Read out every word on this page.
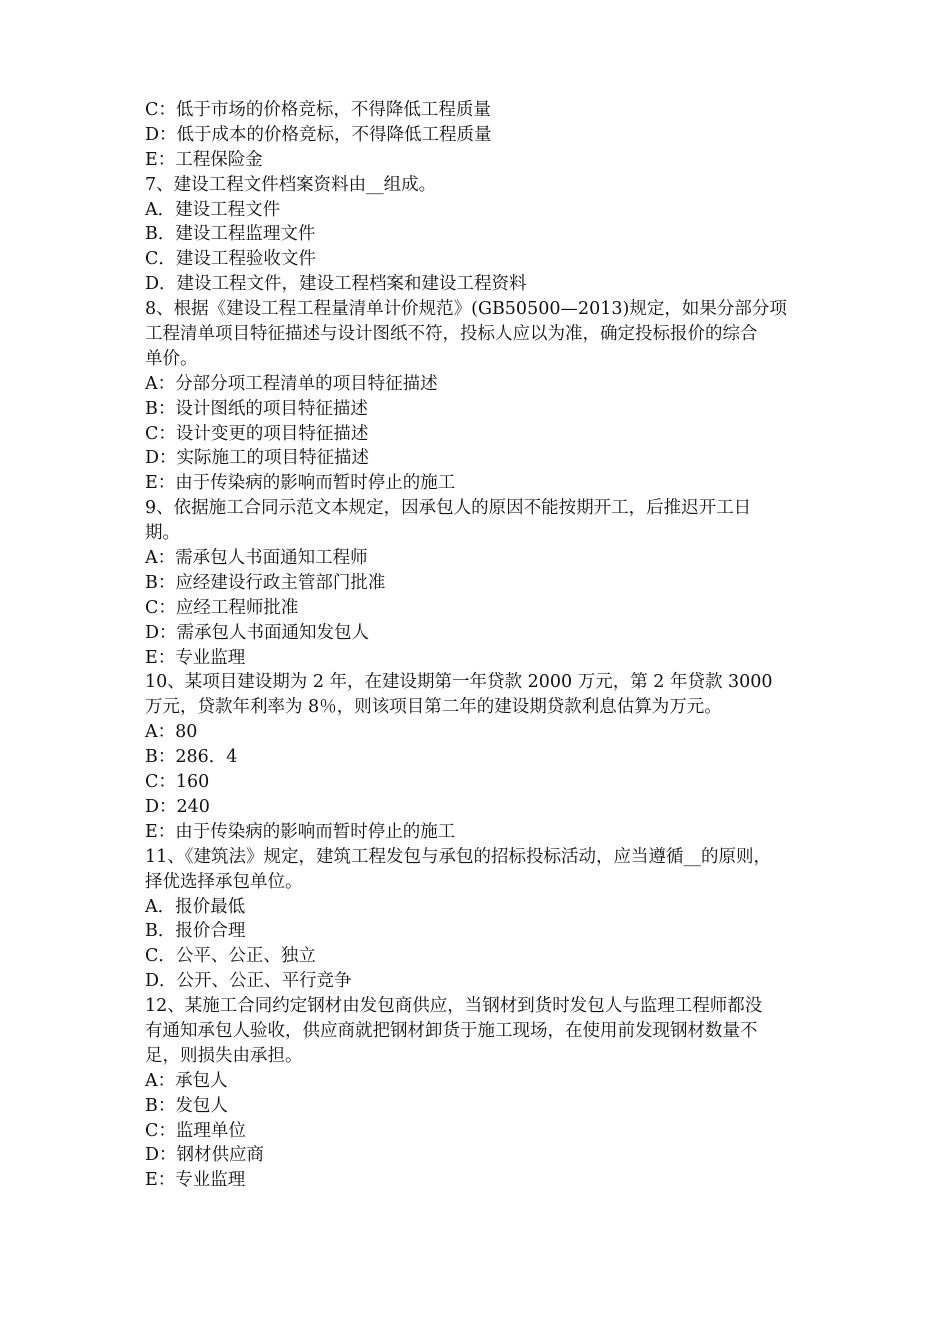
C：低于市场的价格竞标，不得降低工程质量
D：低于成本的价格竞标，不得降低工程质量
E：工程保险金
7、建设工程文件档案资料由__组成。
A．建设工程文件
B．建设工程监理文件
C．建设工程验收文件
D．建设工程文件，建设工程档案和建设工程资料
8、根据《建设工程工程量清单计价规范》(GB50500—2013)规定，如果分部分项
工程清单项目特征描述与设计图纸不符，投标人应以为准，确定投标报价的综合
单价。
A：分部分项工程清单的项目特征描述
B：设计图纸的项目特征描述
C：设计变更的项目特征描述
D：实际施工的项目特征描述
E：由于传染病的影响而暂时停止的施工
9、依据施工合同示范文本规定，因承包人的原因不能按期开工，后推迟开工日
期。
A：需承包人书面通知工程师
B：应经建设行政主管部门批准
C：应经工程师批准
D：需承包人书面通知发包人
E：专业监理
10、某项目建设期为 2 年，在建设期第一年贷款 2000 万元，第 2 年贷款 3000
万元，贷款年利率为 8％，则该项目第二年的建设期贷款利息估算为万元。
A：80
B：286．4
C：160
D：240
E：由于传染病的影响而暂时停止的施工
11、《建筑法》规定，建筑工程发包与承包的招标投标活动，应当遵循__的原则，
择优选择承包单位。
A．报价最低
B．报价合理
C．公平、公正、独立
D．公开、公正、平行竞争
12、某施工合同约定钢材由发包商供应，当钢材到货时发包人与监理工程师都没
有通知承包人验收，供应商就把钢材卸货于施工现场，在使用前发现钢材数量不
足，则损失由承担。
A：承包人
B：发包人
C：监理单位
D：钢材供应商
E：专业监理
